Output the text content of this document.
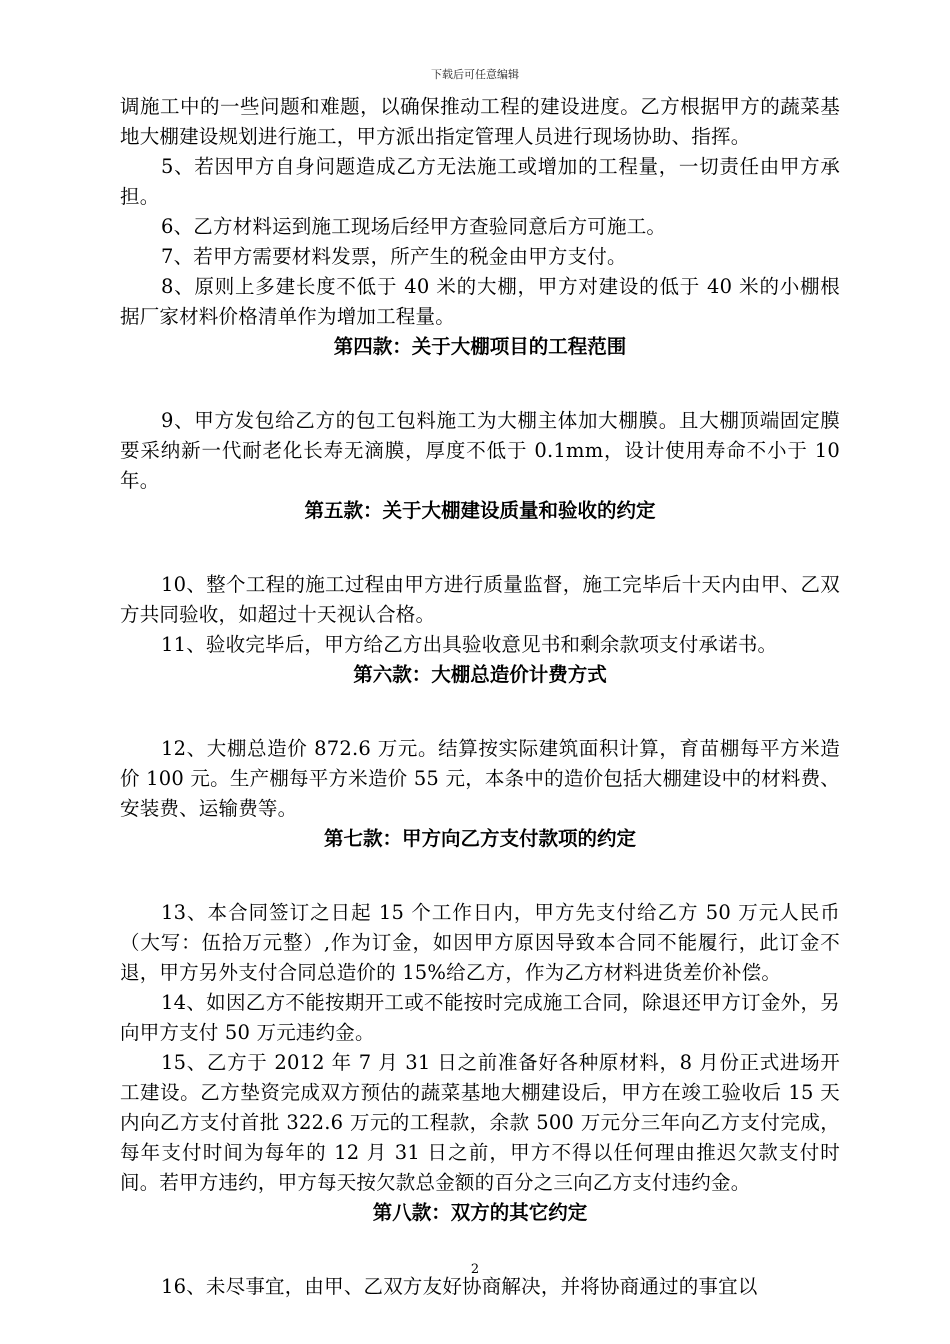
下载后可任意编辑

调施工中的一些问题和难题，以确保推动工程的建设进度。乙方根据甲方的蔬菜基地大棚建设规划进行施工，甲方派出指定管理人员进行现场协助、指挥。

5、若因甲方自身问题造成乙方无法施工或增加的工程量，一切责任由甲方承担。

6、乙方材料运到施工现场后经甲方查验同意后方可施工。

7、若甲方需要材料发票，所产生的税金由甲方支付。

8、原则上多建长度不低于 40 米的大棚，甲方对建设的低于 40 米的小棚根据厂家材料价格清单作为增加工程量。

第四款：关于大棚项目的工程范围

9、甲方发包给乙方的包工包料施工为大棚主体加大棚膜。且大棚顶端固定膜要采纳新一代耐老化长寿无滴膜，厚度不低于 0.1mm，设计使用寿命不小于 10 年。

第五款：关于大棚建设质量和验收的约定

10、整个工程的施工过程由甲方进行质量监督，施工完毕后十天内由甲、乙双方共同验收，如超过十天视认合格。

11、验收完毕后，甲方给乙方出具验收意见书和剩余款项支付承诺书。

第六款：大棚总造价计费方式

12、大棚总造价 872.6 万元。结算按实际建筑面积计算，育苗棚每平方米造价 100 元。生产棚每平方米造价 55 元，本条中的造价包括大棚建设中的材料费、安装费、运输费等。

第七款：甲方向乙方支付款项的约定

13、本合同签订之日起 15 个工作日内，甲方先支付给乙方 50 万元人民币（大写：伍拾万元整）,作为订金，如因甲方原因导致本合同不能履行，此订金不退，甲方另外支付合同总造价的 15%给乙方，作为乙方材料进货差价补偿。

14、如因乙方不能按期开工或不能按时完成施工合同，除退还甲方订金外，另向甲方支付 50 万元违约金。

15、乙方于 2012 年 7 月 31 日之前准备好各种原材料，8 月份正式进场开工建设。乙方垫资完成双方预估的蔬菜基地大棚建设后，甲方在竣工验收后 15 天内向乙方支付首批 322.6 万元的工程款，余款 500 万元分三年向乙方支付完成，每年支付时间为每年的 12 月 31 日之前，甲方不得以任何理由推迟欠款支付时间。若甲方违约，甲方每天按欠款总金额的百分之三向乙方支付违约金。

第八款：双方的其它约定

16、未尽事宜，由甲、乙双方友好协商解决，并将协商通过的事宜以

2
